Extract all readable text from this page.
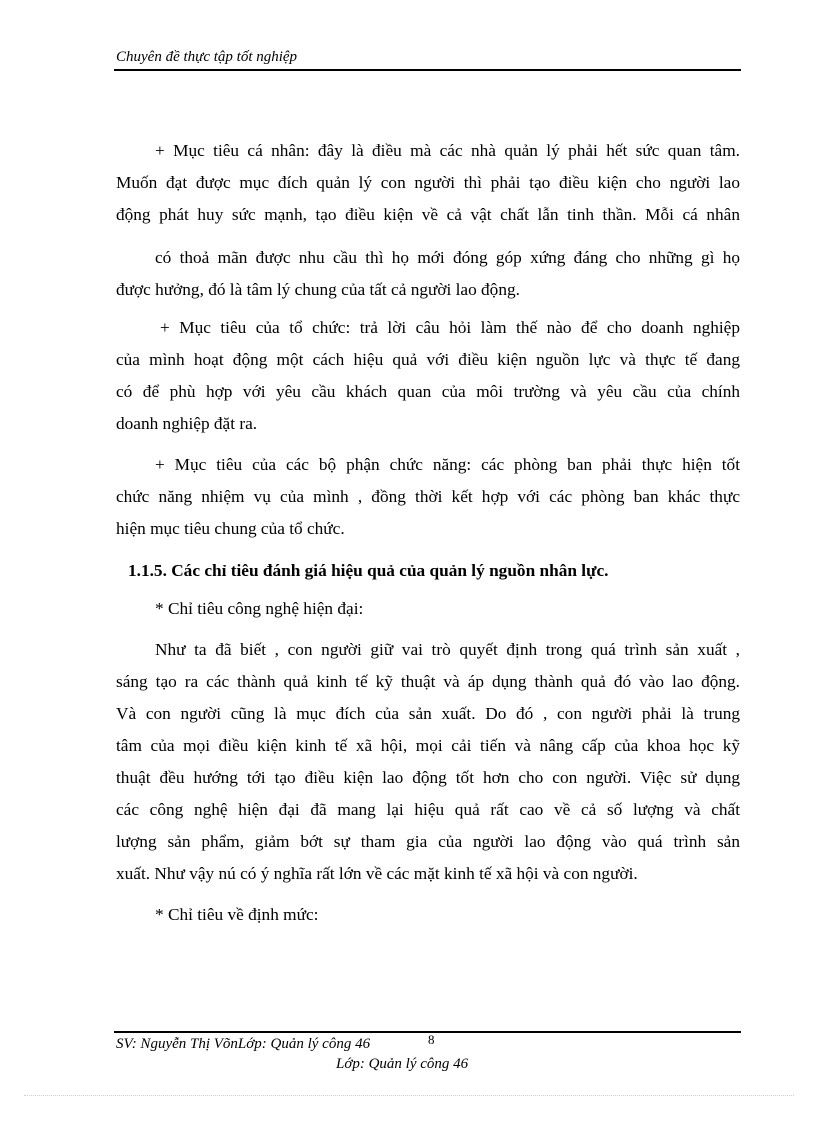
Chuyên đề thực tập tốt nghiệp
+ Mục tiêu cá nhân: đây là điều mà các nhà quản lý phải hết sức quan tâm.
Muốn đạt được mục đích quản lý con người thì phải tạo điều kiện cho người lao
động phát huy sức mạnh, tạo điều kiện về cả vật chất lẫn tinh thần. Mỗi cá nhân
có thoả mãn được nhu cầu thì họ mới đóng góp xứng đáng cho những gì họ
được hưởng, đó là tâm lý chung của tất cả người lao động.
+ Mục tiêu của tổ chức: trả lời câu hỏi làm thế nào để cho doanh nghiệp
của mình hoạt động một cách hiệu quả với điều kiện nguồn lực và thực tế đang
có để phù hợp với yêu cầu khách quan của môi trường và yêu cầu của chính
doanh nghiệp đặt ra.
+ Mục tiêu của các bộ phận chức năng: các phòng ban phải thực hiện tốt
chức năng nhiệm vụ của mình , đồng thời kết hợp với các phòng ban khác thực
hiện mục tiêu chung của tổ chức.
1.1.5. Các chỉ tiêu đánh giá hiệu quả của quản lý nguồn nhân lực.
* Chỉ tiêu công nghệ hiện đại:
Như ta đã biết , con người giữ vai trò quyết định trong quá trình sản xuất ,
sáng tạo ra các thành quả kinh tế kỹ thuật và áp dụng thành quả đó vào lao động.
Và con người cũng là mục đích của sản xuất. Do đó , con người phải là trung
tâm của mọi điều kiện kinh tế xã hội, mọi cải tiến và nâng cấp của khoa học kỹ
thuật đều hướng tới tạo điều kiện lao động tốt hơn cho con người. Việc sử dụng
các công nghệ hiện đại đã mang lại hiệu quả rất cao về cả số lượng và chất
lượng sản phẩm, giảm bớt sự tham gia của người lao động vào quá trình sản
xuất. Như vậy nú có ý nghĩa rất lớn về các mặt kinh tế xã hội và con người.
* Chỉ tiêu về định mức:
SV: Nguyễn Thị VõnLớp: Quản lý công 46	8
Lớp: Quản lý công 46
